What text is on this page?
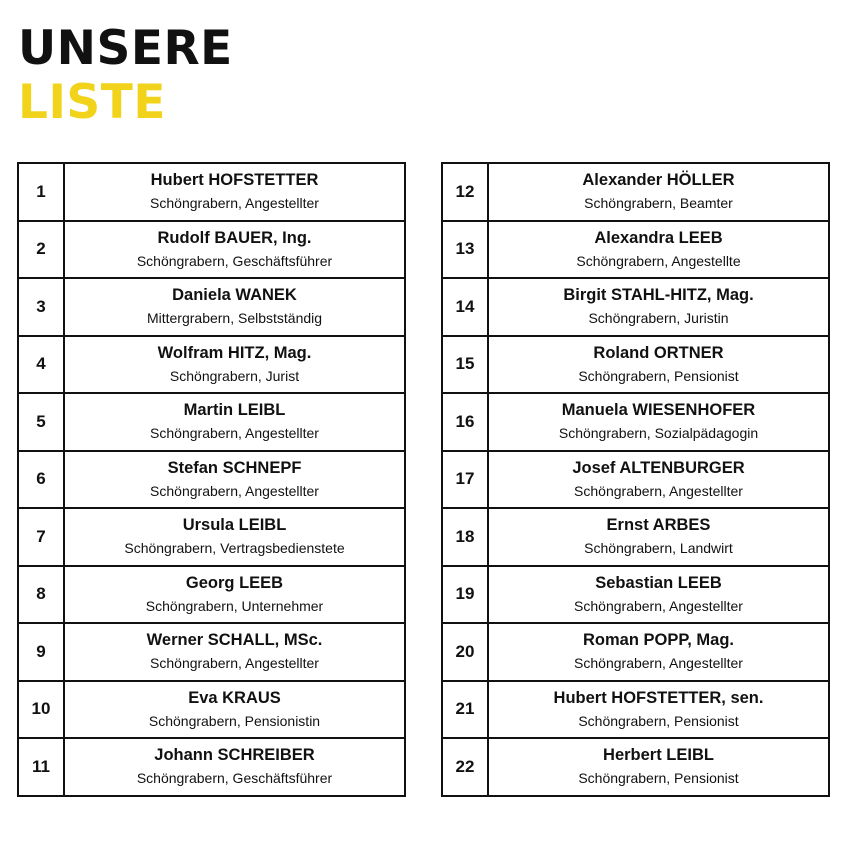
UNSERE
LISTE
1	Hubert HOFSTETTER
Schöngrabern, Angestellter

2	Rudolf BAUER, Ing.
Schöngrabern, Geschäftsführer

3	Daniela WANEK
Mittergrabern, Selbstständig

4	Wolfram HITZ, Mag.
Schöngrabern, Jurist

5	Martin LEIBL
Schöngrabern, Angestellter

6	Stefan SCHNEPF
Schöngrabern, Angestellter

7	Ursula LEIBL
Schöngrabern, Vertragsbedienstete

8	Georg LEEB
Schöngrabern, Unternehmer

9	Werner SCHALL, MSc.
Schöngrabern, Angestellter

10	Eva KRAUS
Schöngrabern, Pensionistin

11	Johann SCHREIBER
Schöngrabern, Geschäftsführer
12	Alexander HÖLLER
Schöngrabern, Beamter

13	Alexandra LEEB
Schöngrabern, Angestellte

14	Birgit STAHL-HITZ, Mag.
Schöngrabern, Juristin

15	Roland ORTNER
Schöngrabern, Pensionist

16	Manuela WIESENHOFER
Schöngrabern, Sozialpädagogin

17	Josef ALTENBURGER
Schöngrabern, Angestellter

18	Ernst ARBES
Schöngrabern, Landwirt

19	Sebastian LEEB
Schöngrabern, Angestellter

20	Roman POPP, Mag.
Schöngrabern, Angestellter

21	Hubert HOFSTETTER, sen.
Schöngrabern, Pensionist

22	Herbert LEIBL
Schöngrabern, Pensionist
